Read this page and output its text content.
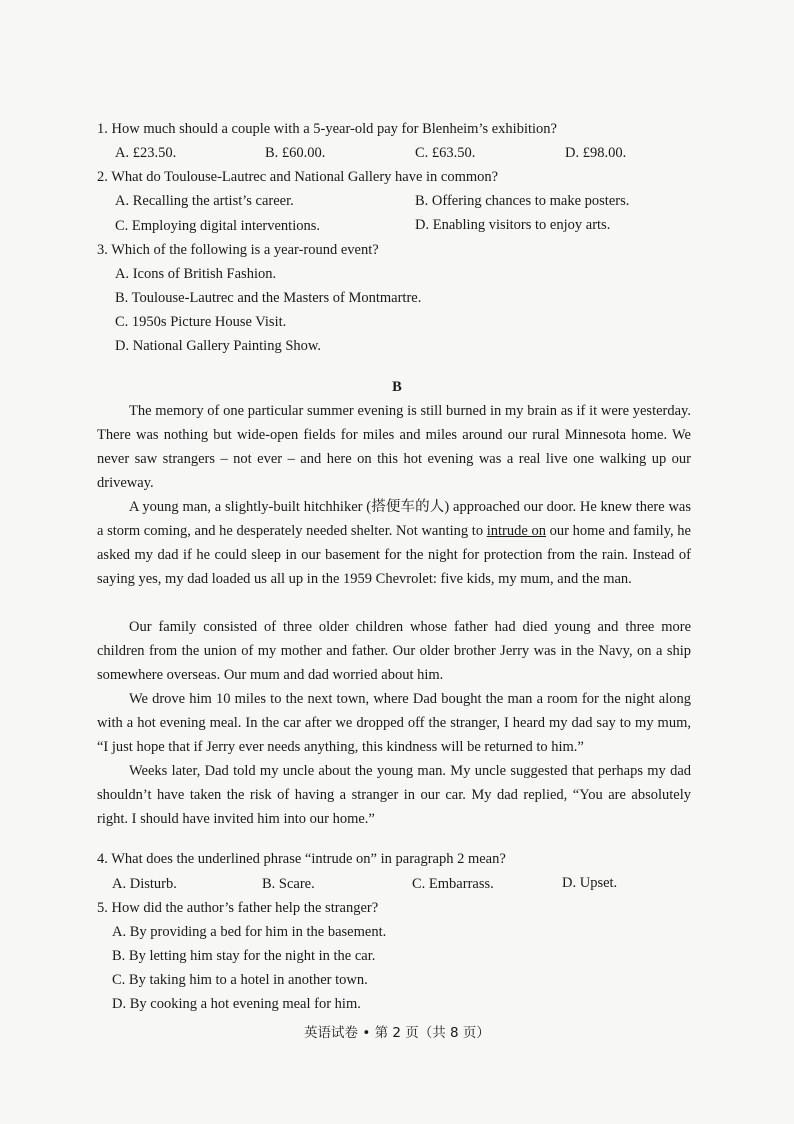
1. How much should a couple with a 5-year-old pay for Blenheim’s exhibition?
A. £23.50.	B. £60.00.	C. £63.50.	D. £98.00.
2. What do Toulouse-Lautrec and National Gallery have in common?
A. Recalling the artist’s career.	B. Offering chances to make posters.
C. Employing digital interventions.	D. Enabling visitors to enjoy arts.
3. Which of the following is a year-round event?
A. Icons of British Fashion.
B. Toulouse-Lautrec and the Masters of Montmartre.
C. 1950s Picture House Visit.
D. National Gallery Painting Show.
B
The memory of one particular summer evening is still burned in my brain as if it were yesterday. There was nothing but wide-open fields for miles and miles around our rural Minnesota home. We never saw strangers – not ever – and here on this hot evening was a real live one walking up our driveway.
A young man, a slightly-built hitchhiker (搭便车的人) approached our door. He knew there was a storm coming, and he desperately needed shelter. Not wanting to intrude on our home and family, he asked my dad if he could sleep in our basement for the night for protection from the rain. Instead of saying yes, my dad loaded us all up in the 1959 Chevrolet: five kids, my mum, and the man.
Our family consisted of three older children whose father had died young and three more children from the union of my mother and father. Our older brother Jerry was in the Navy, on a ship somewhere overseas. Our mum and dad worried about him.
We drove him 10 miles to the next town, where Dad bought the man a room for the night along with a hot evening meal. In the car after we dropped off the stranger, I heard my dad say to my mum, “I just hope that if Jerry ever needs anything, this kindness will be returned to him.”
Weeks later, Dad told my uncle about the young man. My uncle suggested that perhaps my dad shouldn’t have taken the risk of having a stranger in our car. My dad replied, “You are absolutely right. I should have invited him into our home.”
4. What does the underlined phrase “intrude on” in paragraph 2 mean?
A. Disturb.	B. Scare.	C. Embarrass.	D. Upset.
5. How did the author’s father help the stranger?
A. By providing a bed for him in the basement.
B. By letting him stay for the night in the car.
C. By taking him to a hotel in another town.
D. By cooking a hot evening meal for him.
英语试卷 • 第 2 页（共 8 页）
